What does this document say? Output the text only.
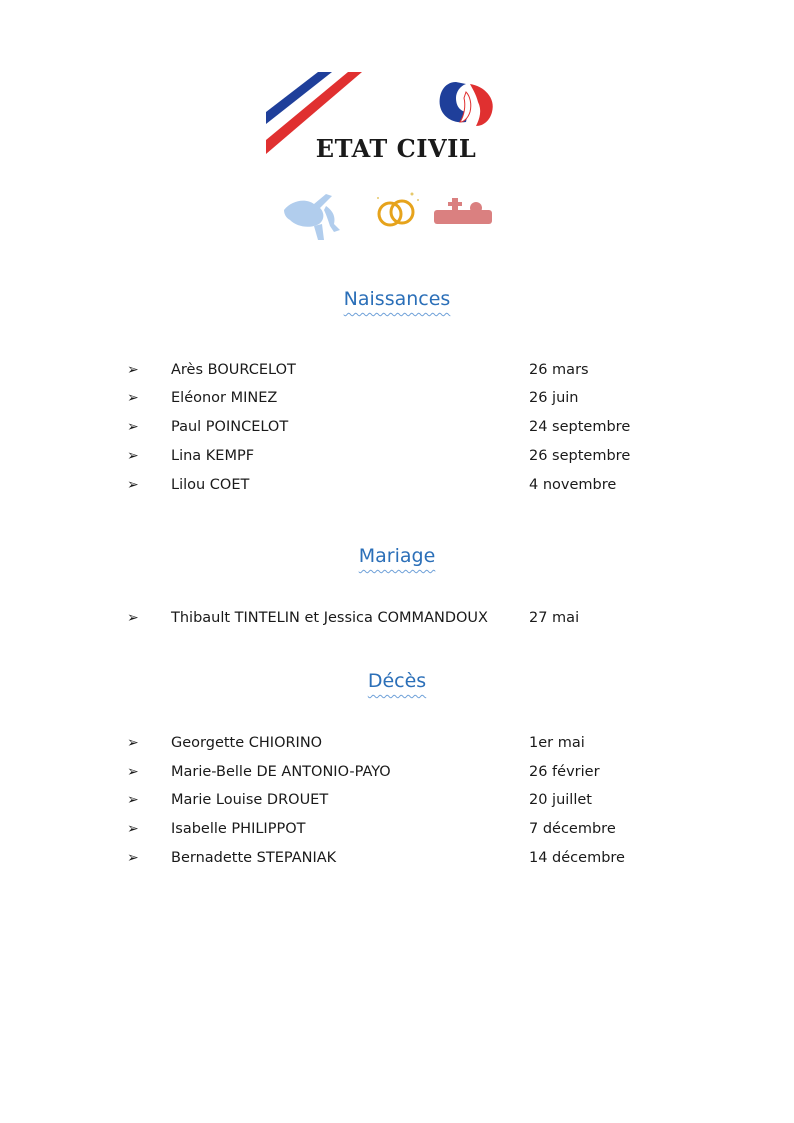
ETAT CIVIL
Naissances
➢ Arès BOURCELOT	26 mars
➢ Eléonor MINEZ	26 juin
➢ Paul POINCELOT	24 septembre
➢ Lina KEMPF	26 septembre
➢ Lilou COET	4 novembre
Mariage
➢ Thibault TINTELIN et Jessica COMMANDOUX	27 mai
Décès
➢ Georgette CHIORINO	1er mai
➢ Marie-Belle DE ANTONIO-PAYO	26 février
➢ Marie Louise DROUET	20 juillet
➢ Isabelle PHILIPPOT	7 décembre
➢ Bernadette STEPANIAK	14 décembre
